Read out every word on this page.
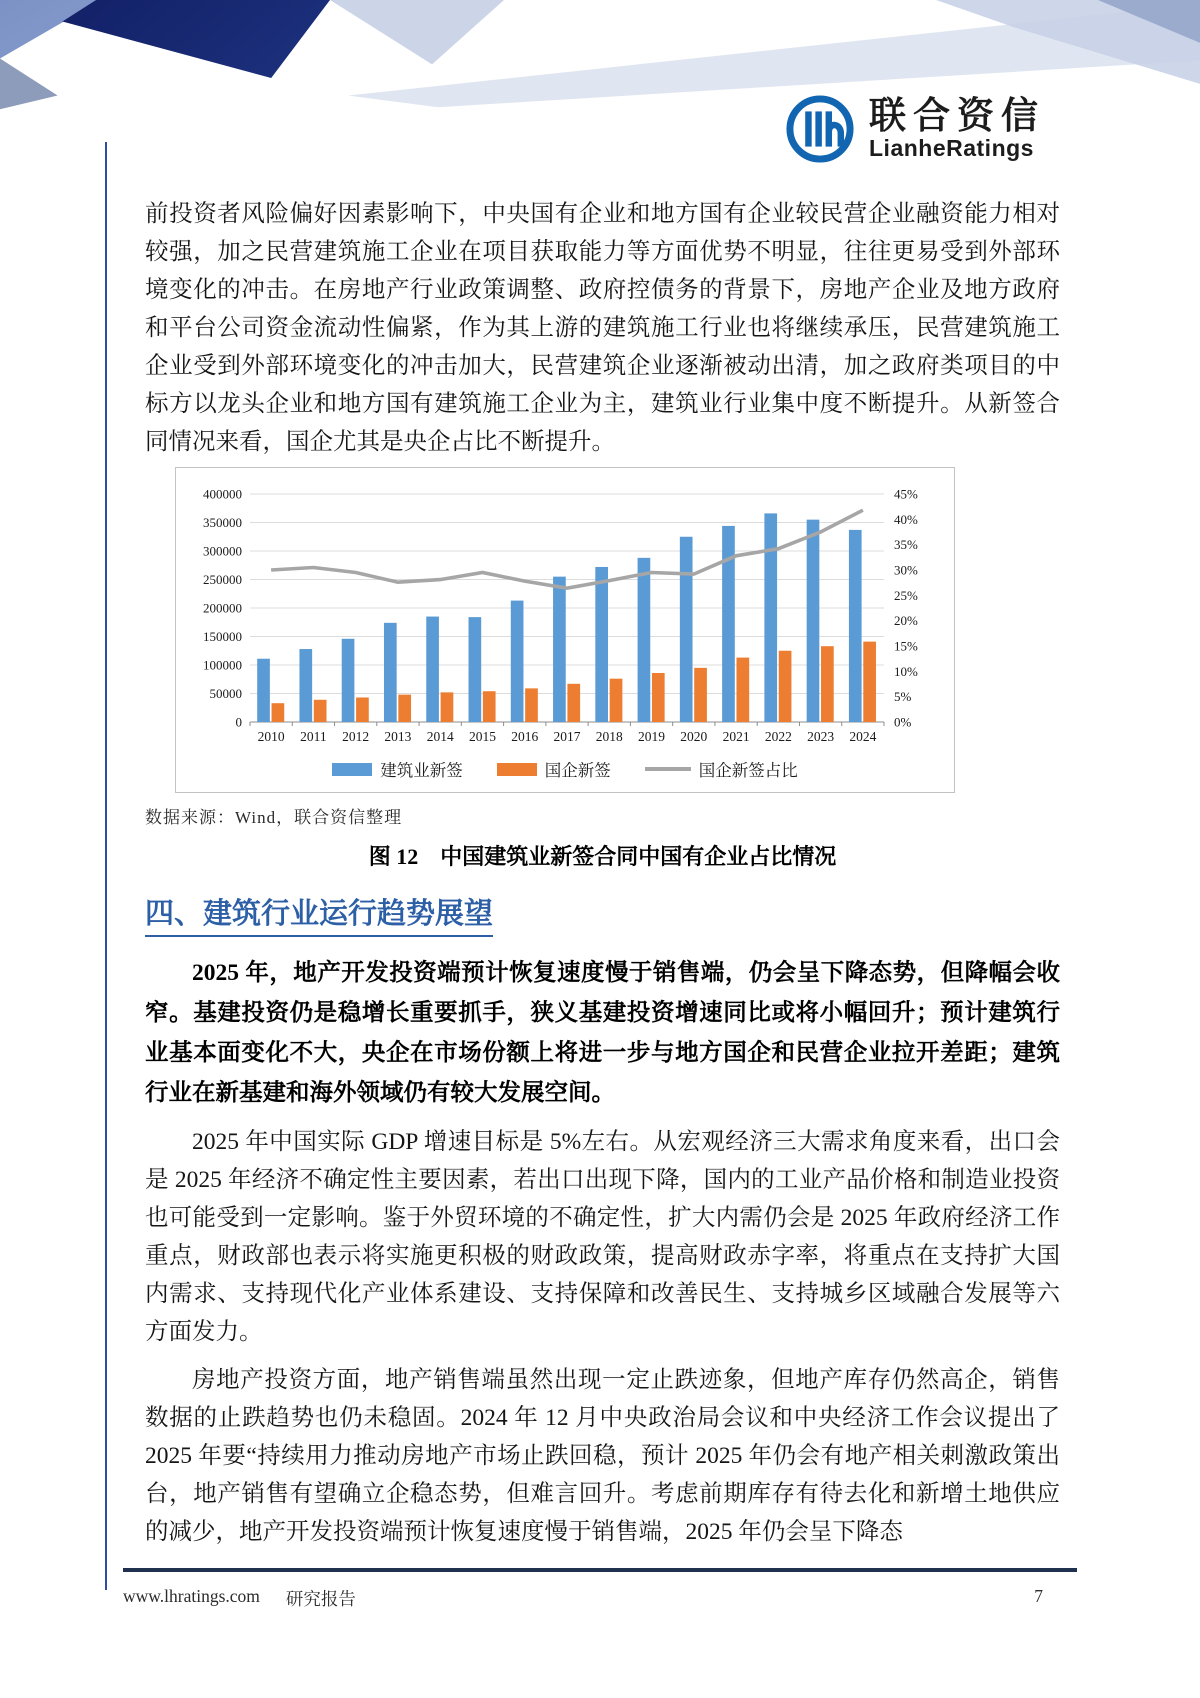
联合资信
LianheRatings

前投资者风险偏好因素影响下，中央国有企业和地方国有企业较民营企业融资能力相对较强，加之民营建筑施工企业在项目获取能力等方面优势不明显，往往更易受到外部环境变化的冲击。在房地产行业政策调整、政府控债务的背景下，房地产企业及地方政府和平台公司资金流动性偏紧，作为其上游的建筑施工行业也将继续承压，民营建筑施工企业受到外部环境变化的冲击加大，民营建筑企业逐渐被动出清，加之政府类项目的中标方以龙头企业和地方国有建筑施工企业为主，建筑业行业集中度不断提升。从新签合同情况来看，国企尤其是央企占比不断提升。

0
50000
100000
150000
200000
250000
300000
350000
400000
0%
5%
10%
15%
20%
25%
30%
35%
40%
45%
2010 2011 2012 2013 2014 2015 2016 2017 2018 2019 2020 2021 2022 2023 2024
建筑业新签	国企新签	国企新签占比
数据来源：Wind，联合资信整理
图 12　中国建筑业新签合同中国有企业占比情况
四、建筑行业运行趋势展望

2025 年，地产开发投资端预计恢复速度慢于销售端，仍会呈下降态势，但降幅会收窄。基建投资仍是稳增长重要抓手，狭义基建投资增速同比或将小幅回升；预计建筑行业基本面变化不大，央企在市场份额上将进一步与地方国企和民营企业拉开差距；建筑行业在新基建和海外领域仍有较大发展空间。

2025 年中国实际 GDP 增速目标是 5%左右。从宏观经济三大需求角度来看，出口会是 2025 年经济不确定性主要因素，若出口出现下降，国内的工业产品价格和制造业投资也可能受到一定影响。鉴于外贸环境的不确定性，扩大内需仍会是 2025 年政府经济工作重点，财政部也表示将实施更积极的财政政策，提高财政赤字率，将重点在支持扩大国内需求、支持现代化产业体系建设、支持保障和改善民生、支持城乡区域融合发展等六方面发力。

房地产投资方面，地产销售端虽然出现一定止跌迹象，但地产库存仍然高企，销售数据的止跌趋势也仍未稳固。2024 年 12 月中央政治局会议和中央经济工作会议提出了 2025 年要“持续用力推动房地产市场止跌回稳，预计 2025 年仍会有地产相关刺激政策出台，地产销售有望确立企稳态势，但难言回升。考虑前期库存有待去化和新增土地供应的减少，地产开发投资端预计恢复速度慢于销售端，2025 年仍会呈下降态

www.lhratings.com 研究报告	7
